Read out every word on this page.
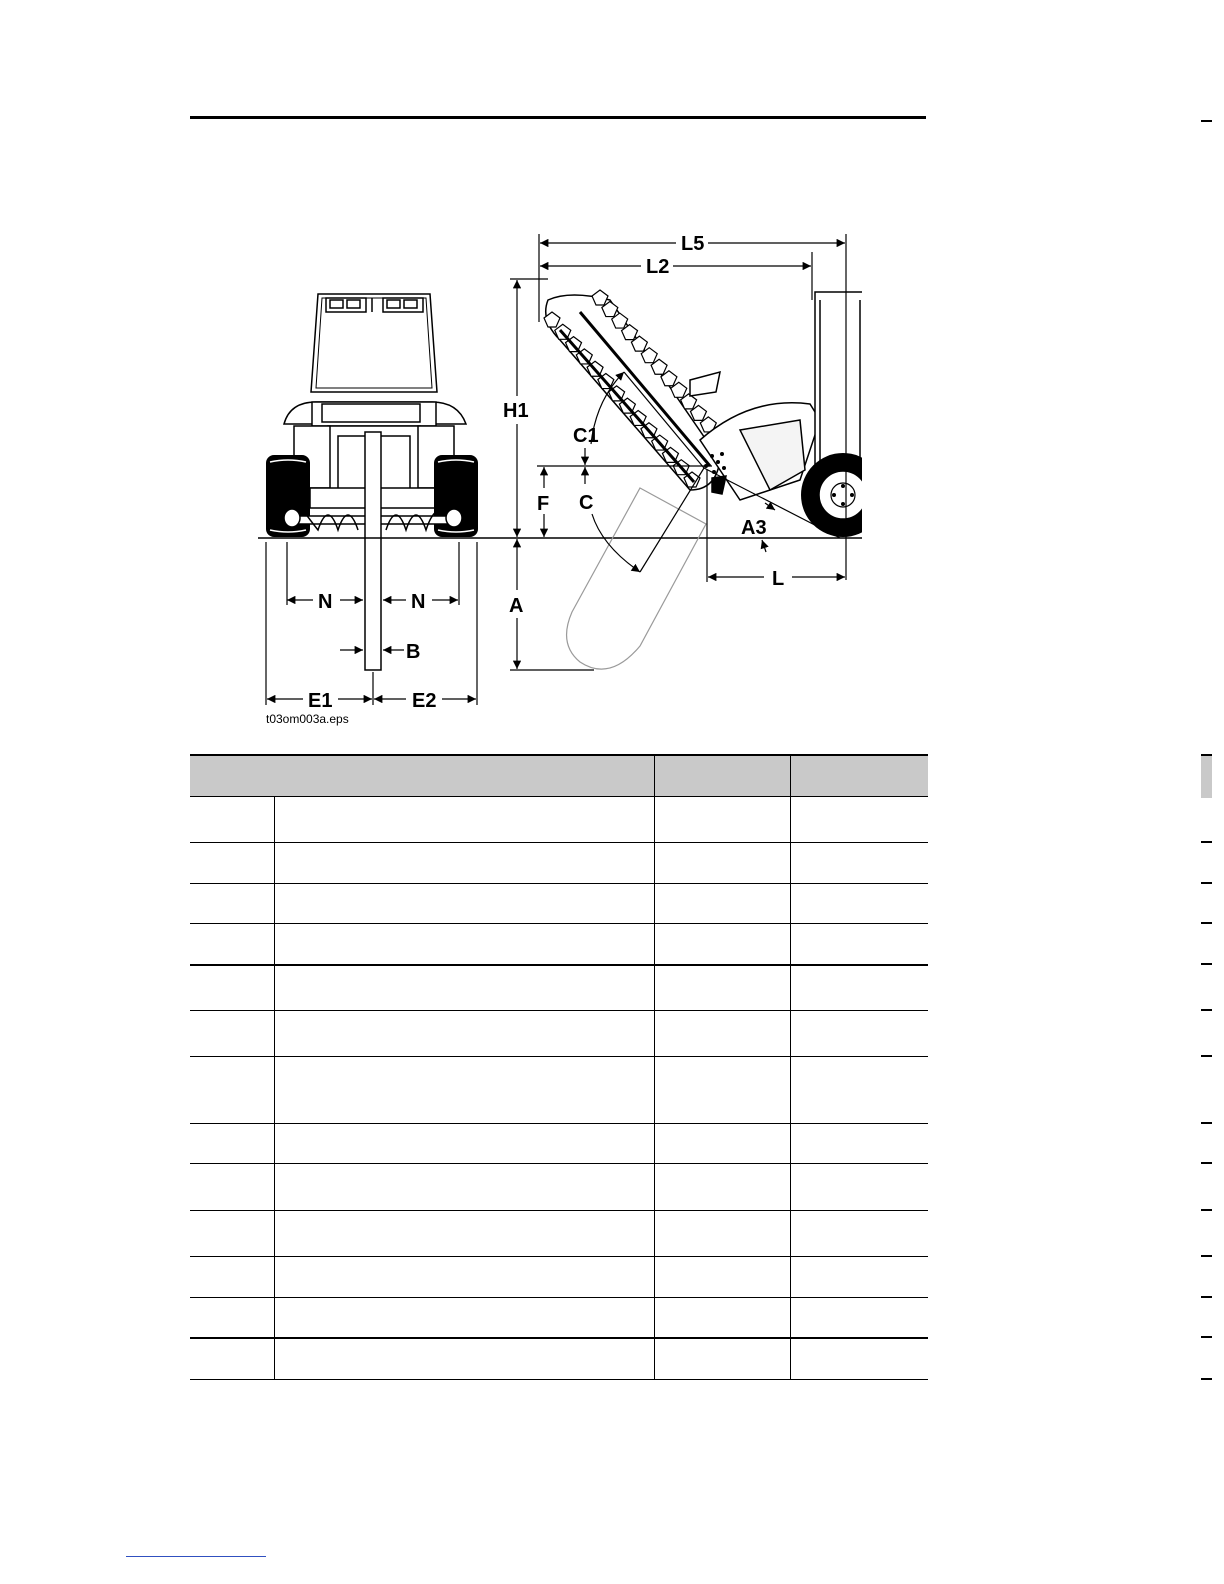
N	N
B
E1	E2
t03om003a.eps
L5
L2
H1
C1
F C
A3
L
A
